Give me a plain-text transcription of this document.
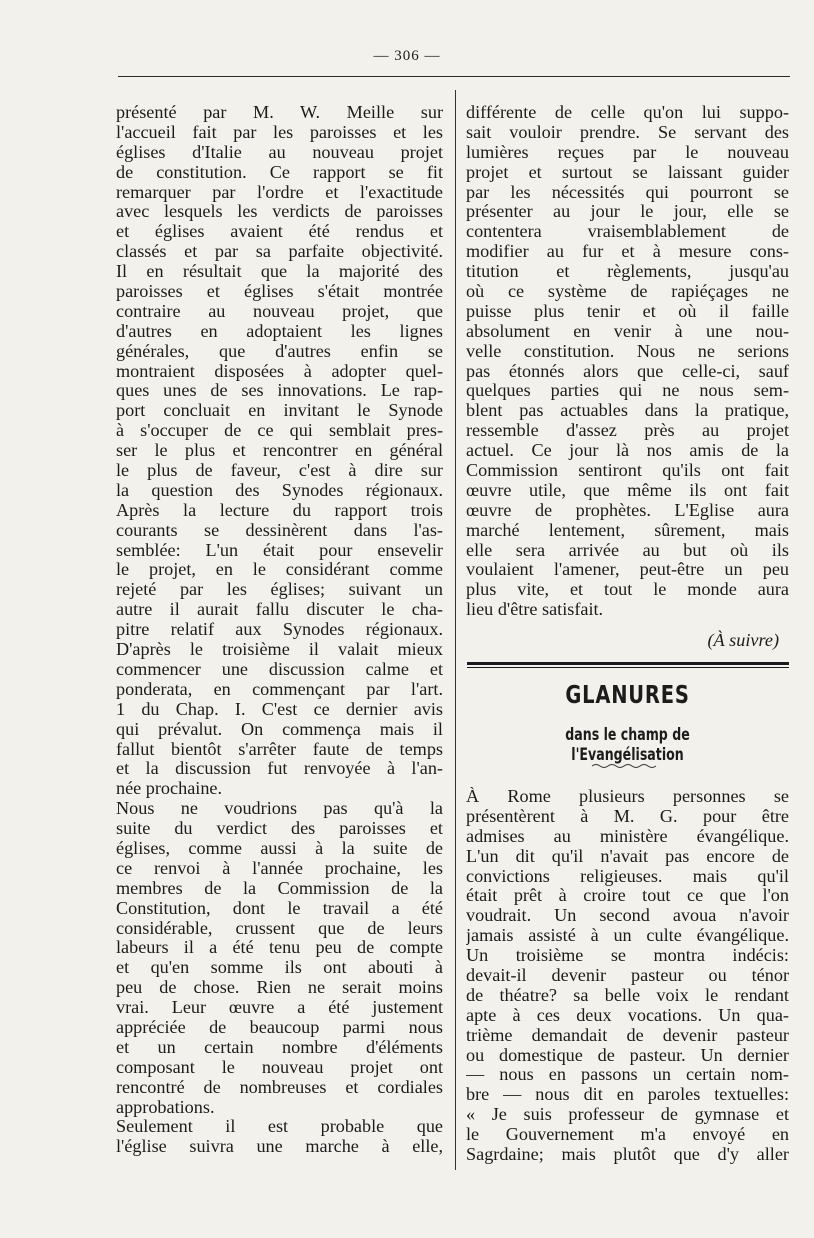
— 306 —
présenté par M. W. Meille sur
l'accueil fait par les paroisses et les
églises d'Italie au nouveau projet
de constitution. Ce rapport se fit
remarquer par l'ordre et l'exactitude
avec lesquels les verdicts de paroisses
et églises avaient été rendus et
classés et par sa parfaite objectivité.
Il en résultait que la majorité des
paroisses et églises s'était montrée
contraire au nouveau projet, que
d'autres en adoptaient les lignes
générales, que d'autres enfin se
montraient disposées à adopter quel-
ques unes de ses innovations. Le rap-
port concluait en invitant le Synode
à s'occuper de ce qui semblait pres-
ser le plus et rencontrer en général
le plus de faveur, c'est à dire sur
la question des Synodes régionaux.
Après la lecture du rapport trois
courants se dessinèrent dans l'as-
semblée: L'un était pour ensevelir
le projet, en le considérant comme
rejeté par les églises; suivant un
autre il aurait fallu discuter le cha-
pitre relatif aux Synodes régionaux.
D'après le troisième il valait mieux
commencer une discussion calme et
ponderata, en commençant par l'art.
1 du Chap. I. C'est ce dernier avis
qui prévalut. On commença mais il
fallut bientôt s'arrêter faute de temps
et la discussion fut renvoyée à l'an-
née prochaine.
Nous ne voudrions pas qu'à la
suite du verdict des paroisses et
églises, comme aussi à la suite de
ce renvoi à l'année prochaine, les
membres de la Commission de la
Constitution, dont le travail a été
considérable, crussent que de leurs
labeurs il a été tenu peu de compte
et qu'en somme ils ont abouti à
peu de chose. Rien ne serait moins
vrai. Leur œuvre a été justement
appréciée de beaucoup parmi nous
et un certain nombre d'éléments
composant le nouveau projet ont
rencontré de nombreuses et cordiales
approbations.
Seulement il est probable que
l'église suivra une marche à elle,
différente de celle qu'on lui suppo-
sait vouloir prendre. Se servant des
lumières reçues par le nouveau
projet et surtout se laissant guider
par les nécessités qui pourront se
présenter au jour le jour, elle se
contentera vraisemblablement de
modifier au fur et à mesure cons-
titution et règlements, jusqu'au
où ce système de rapiéçages ne
puisse plus tenir et où il faille
absolument en venir à une nou-
velle constitution. Nous ne serions
pas étonnés alors que celle-ci, sauf
quelques parties qui ne nous sem-
blent pas actuables dans la pratique,
ressemble d'assez près au projet
actuel. Ce jour là nos amis de la
Commission sentiront qu'ils ont fait
œuvre utile, que même ils ont fait
œuvre de prophètes. L'Eglise aura
marché lentement, sûrement, mais
elle sera arrivée au but où ils
voulaient l'amener, peut-être un peu
plus vite, et tout le monde aura
lieu d'être satisfait.
(À suivre)
GLANURES
dans le champ de l'Evangélisation
À Rome plusieurs personnes se
présentèrent à M. G. pour être
admises au ministère évangélique.
L'un dit qu'il n'avait pas encore de
convictions religieuses. mais qu'il
était prêt à croire tout ce que l'on
voudrait. Un second avoua n'avoir
jamais assisté à un culte évangélique.
Un troisième se montra indécis:
devait-il devenir pasteur ou ténor
de théatre? sa belle voix le rendant
apte à ces deux vocations. Un qua-
trième demandait de devenir pasteur
ou domestique de pasteur. Un dernier
— nous en passons un certain nom-
bre — nous dit en paroles textuelles:
« Je suis professeur de gymnase et
le Gouvernement m'a envoyé en
Sagrdaine; mais plutôt que d'y aller
